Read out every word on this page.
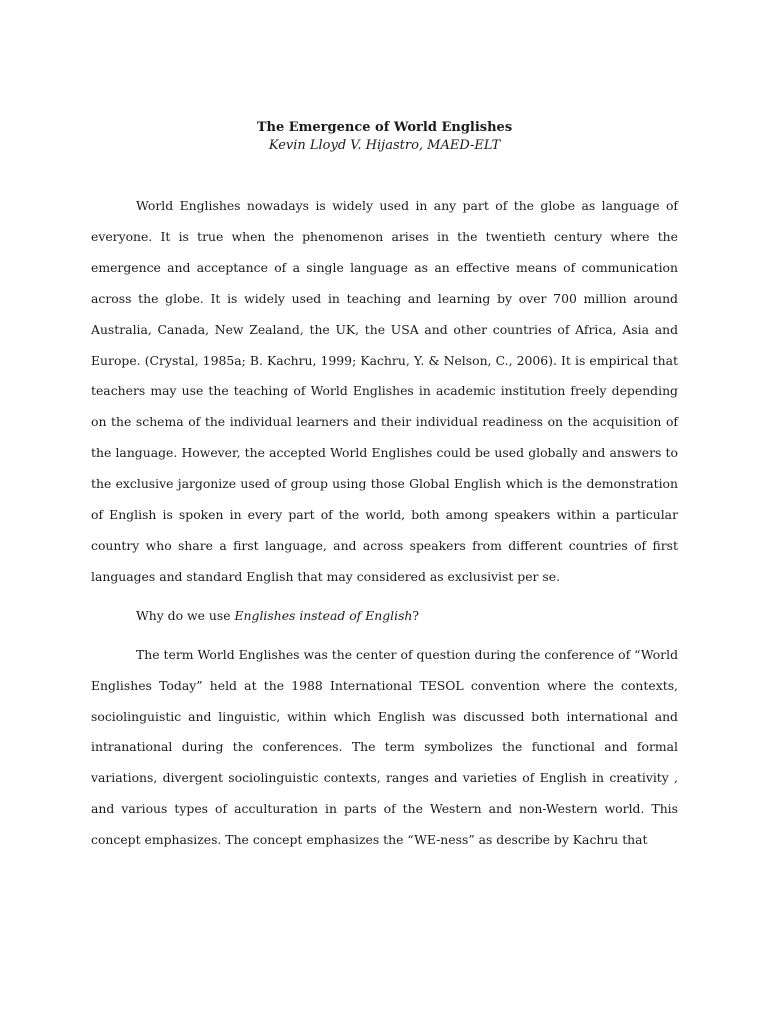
The Emergence of World Englishes

Kevin Lloyd V. Hijastro, MAED-ELT

World Englishes nowadays is widely used in any part of the globe as language of everyone. It is true when the phenomenon arises in the twentieth century where the emergence and acceptance of a single language as an effective means of communication across the globe. It is widely used in teaching and learning by over 700 million around Australia, Canada, New Zealand, the UK, the USA and other countries of Africa, Asia and Europe. (Crystal, 1985a; B. Kachru, 1999; Kachru, Y. & Nelson, C., 2006). It is empirical that teachers may use the teaching of World Englishes in academic institution freely depending on the schema of the individual learners and their individual readiness on the acquisition of the language. However, the accepted World Englishes could be used globally and answers to the exclusive jargonize used of group using those Global English which is the demonstration of English is spoken in every part of the world, both among speakers within a particular country who share a first language, and across speakers from different countries of first languages and standard English that may considered as exclusivist per se.

Why do we use Englishes instead of English?

The term World Englishes was the center of question during the conference of “World Englishes Today” held at the 1988 International TESOL convention where the contexts, sociolinguistic and linguistic, within which English was discussed both international and intranational during the conferences. The term symbolizes the functional and formal variations, divergent sociolinguistic contexts, ranges and varieties of English in creativity , and various types of acculturation in parts of the Western and non-Western world. This concept emphasizes. The concept emphasizes the “WE-ness” as describe by Kachru that
